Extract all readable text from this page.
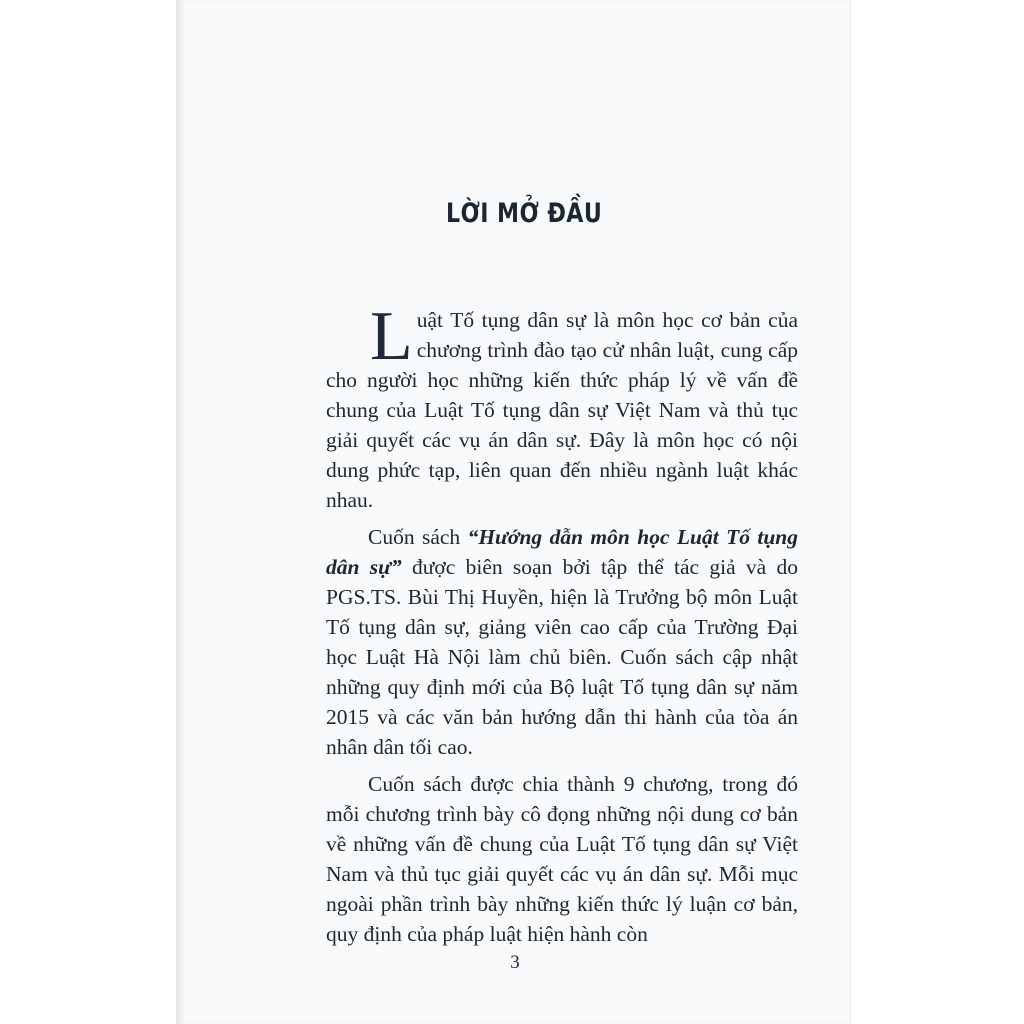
LỜI MỞ ĐẦU

Luật Tố tụng dân sự là môn học cơ bản của chương trình đào tạo cử nhân luật, cung cấp cho người học những kiến thức pháp lý về vấn đề chung của Luật Tố tụng dân sự Việt Nam và thủ tục giải quyết các vụ án dân sự. Đây là môn học có nội dung phức tạp, liên quan đến nhiều ngành luật khác nhau.

Cuốn sách “Hướng dẫn môn học Luật Tố tụng dân sự” được biên soạn bởi tập thể tác giả và do PGS.TS. Bùi Thị Huyền, hiện là Trưởng bộ môn Luật Tố tụng dân sự, giảng viên cao cấp của Trường Đại học Luật Hà Nội làm chủ biên. Cuốn sách cập nhật những quy định mới của Bộ luật Tố tụng dân sự năm 2015 và các văn bản hướng dẫn thi hành của tòa án nhân dân tối cao.

Cuốn sách được chia thành 9 chương, trong đó mỗi chương trình bày cô đọng những nội dung cơ bản về những vấn đề chung của Luật Tố tụng dân sự Việt Nam và thủ tục giải quyết các vụ án dân sự. Mỗi mục ngoài phần trình bày những kiến thức lý luận cơ bản, quy định của pháp luật hiện hành còn

3
